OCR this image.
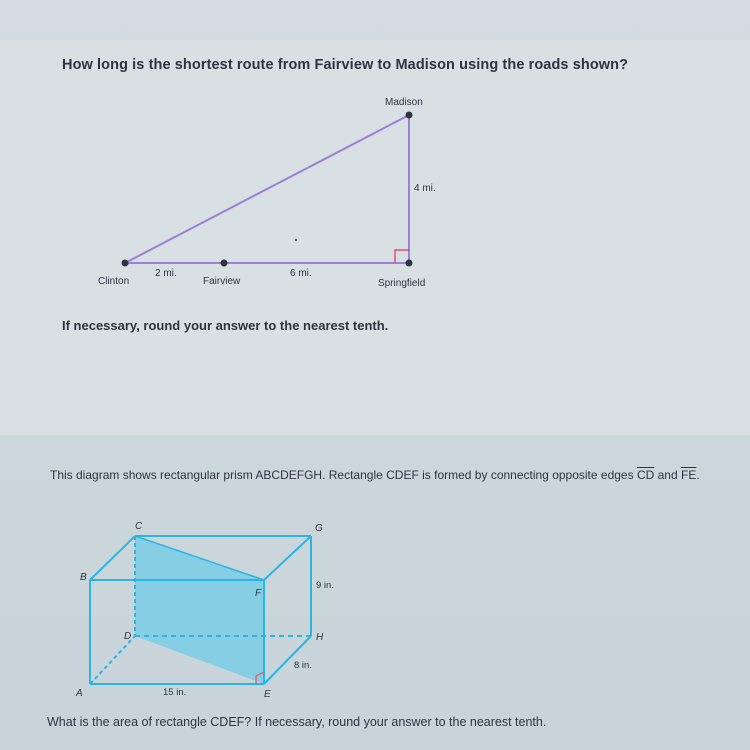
How long is the shortest route from Fairview to Madison using the roads shown?
Madison
Clinton	Fairview	Springfield
2 mi.	6 mi.
4 mi.
If necessary, round your answer to the nearest tenth.
This diagram shows rectangular prism ABCDEFGH. Rectangle CDEF is formed by connecting opposite edges $\overline{CD}$ and $\overline{FE}$.
A
B
C
D
E
F
G
H
9 in.
8 in.
15 in.
What is the area of rectangle CDEF? If necessary, round your answer to the nearest tenth.
